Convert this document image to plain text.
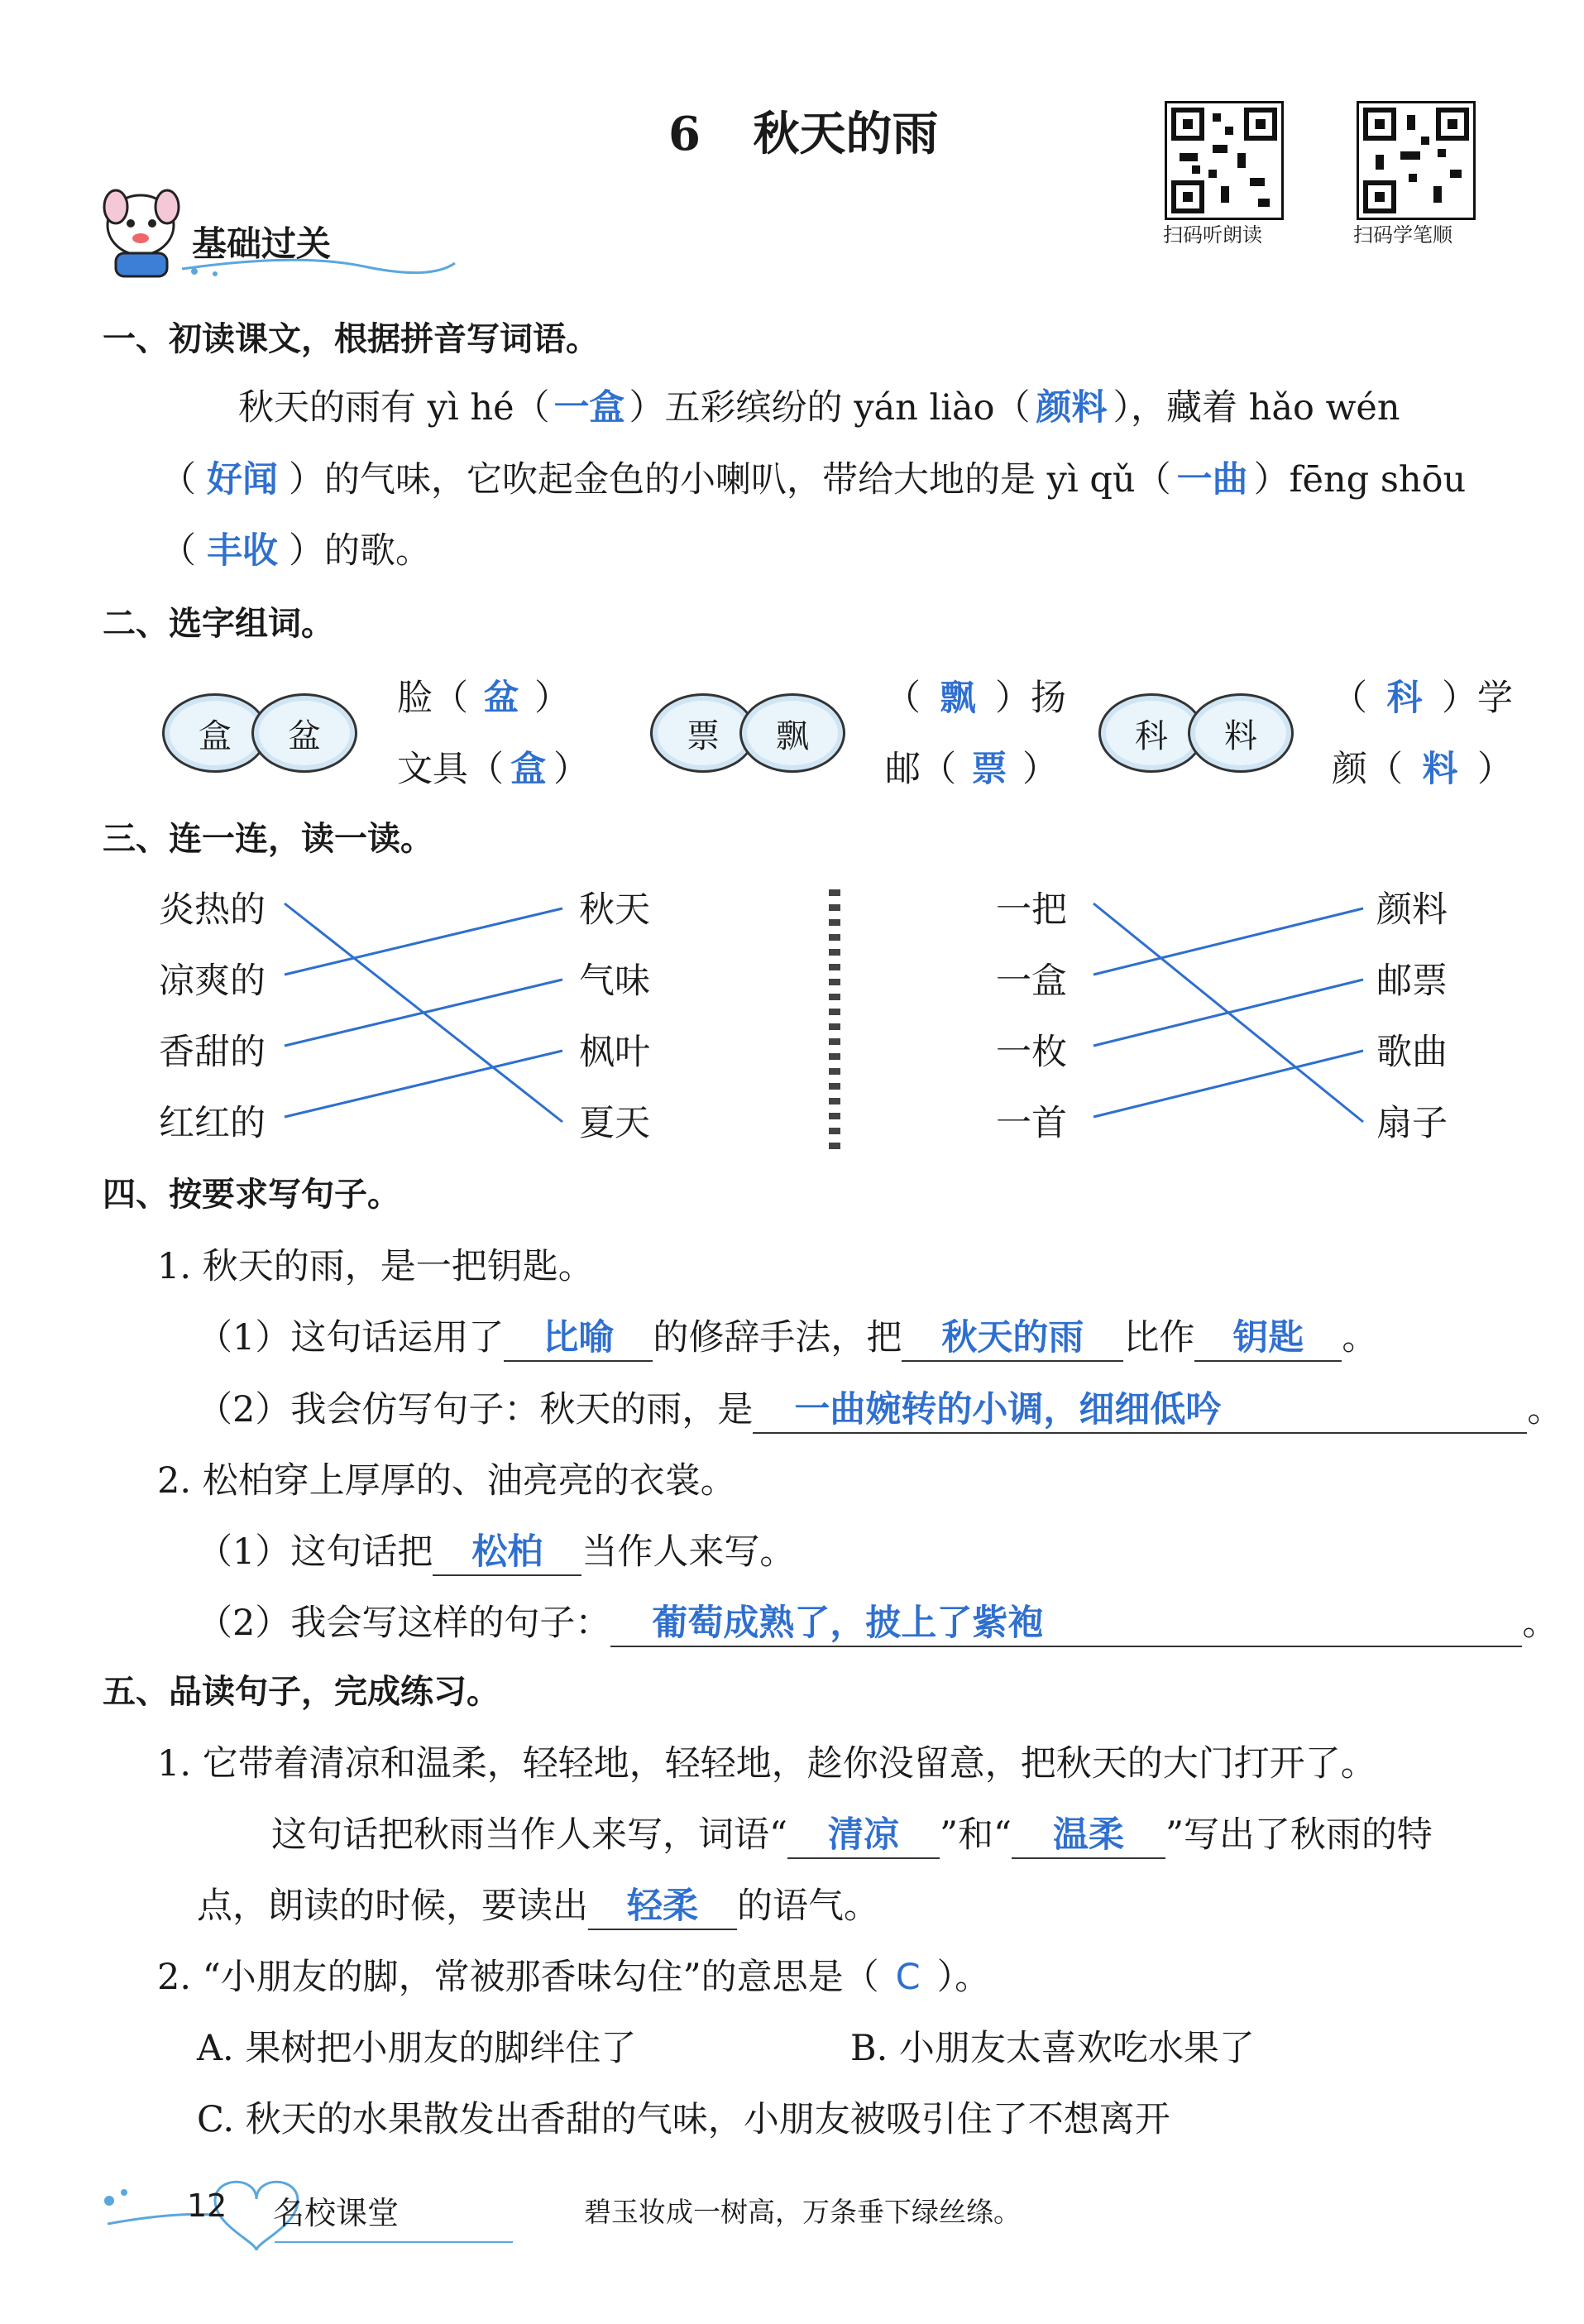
6 秋天的雨
扫码听朗读	扫码学笔顺
基础过关
一、初读课文，根据拼音写词语。
秋天的雨有 yì hé（ 一盒 ）五彩缤纷的 yán liào（ 颜料 ），藏着 hǎo wén
（ 好闻 ）的气味，它吹起金色的小喇叭，带给大地的是 yì qǔ（ 一曲 ）fēng shōu
（ 丰收 ）的歌。
二、选字组词。
盒	盆
脸（ 盆 ）
文具（ 盒 ）
票	飘
（ 飘 ）扬
邮（ 票 ）
科	料
（ 科 ）学
颜（ 料 ）
三、连一连，读一读。
炎热的
凉爽的
香甜的
红红的
秋天
气味
枫叶
夏天
一把
一盒
一枚
一首
颜料
邮票
歌曲
扇子
四、按要求写句子。
1. 秋天的雨，是一把钥匙。
（1）这句话运用了 比喻 的修辞手法，把 秋天的雨 比作 钥匙 。
（2）我会仿写句子：秋天的雨，是 一曲婉转的小调，细细低吟	。
2. 松柏穿上厚厚的、油亮亮的衣裳。
（1）这句话把 松柏 当作人来写。
（2）我会写这样的句子： 葡萄成熟了，披上了紫袍	。
五、品读句子，完成练习。
1. 它带着清凉和温柔，轻轻地，轻轻地，趁你没留意，把秋天的大门打开了。
这句话把秋雨当作人来写，词语“ 清凉 ”和“ 温柔 ”写出了秋雨的特
点，朗读的时候，要读出 轻柔 的语气。
2. “小朋友的脚，常被那香味勾住”的意思是（ C ）。
A. 果树把小朋友的脚绊住了	B. 小朋友太喜欢吃水果了
C. 秋天的水果散发出香甜的气味，小朋友被吸引住了不想离开
12 名校课堂	碧玉妆成一树高，万条垂下绿丝绦。
